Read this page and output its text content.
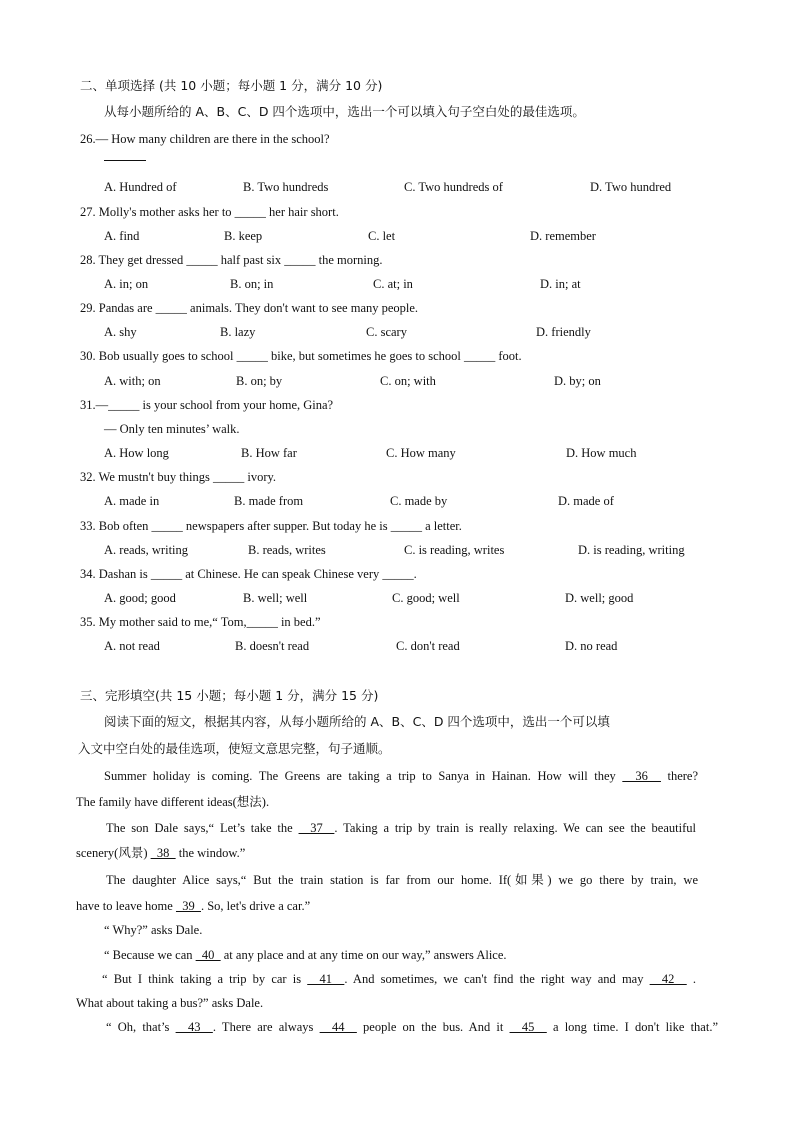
二、单项选择 (共 10 小题；每小题 1 分，满分 10 分)
从每小题所给的 A、B、C、D 四个选项中，选出一个可以填入句子空白处的最佳选项。
26.— How many children are there in the school?
A. Hundred of	B. Two hundreds	C. Two hundreds of	D. Two hundred
27. Molly's mother asks her to _____ her hair short.
A. find	B. keep	C. let	D. remember
28. They get dressed _____ half past six _____ the morning.
A. in; on	B. on; in	C. at; in	D. in; at
29. Pandas are _____ animals. They don't want to see many people.
A. shy	B. lazy	C. scary	D. friendly
30. Bob usually goes to school _____ bike, but sometimes he goes to school _____ foot.
A. with; on	B. on; by	C. on; with	D. by; on
31.—_____ is your school from your home, Gina?
— Only ten minutes’ walk.
A. How long	B. How far	C. How many	D. How much
32. We mustn't buy things _____ ivory.
A. made in	B. made from	C. made by	D. made of
33. Bob often _____ newspapers after supper. But today he is _____ a letter.
A. reads, writing	B. reads, writes	C. is reading, writes	D. is reading, writing
34. Dashan is _____ at Chinese. He can speak Chinese very _____.
A. good; good	B. well; well	C. good; well	D. well; good
35. My mother said to me,“ Tom,_____ in bed.”
A. not read	B. doesn't read	C. don't read	D. no read
三、完形填空(共 15 小题；每小题 1 分，满分 15 分)
阅读下面的短文，根据其内容，从每小题所给的 A、B、C、D 四个选项中，选出一个可以填
入文中空白处的最佳选项，使短文意思完整，句子通顺。
Summer holiday is coming. The Greens are taking a trip to Sanya in Hainan. How will they   36   there?
The family have different ideas(想法).
The son Dale says,“ Let’s take the   37  . Taking a trip by train is really relaxing. We can see the beautiful
scenery(风景)   38   the window.”
The daughter Alice says,“ But the train station is far from our home. If(如果) we go there by train, we
have to leave home   39  . So, let's drive a car.”
“ Why?” asks Dale.
“ Because we can   40   at any place and at any time on our way,” answers Alice.
“ But I think taking a trip by car is   41  . And sometimes, we can't find the right way and may   42   .
What about taking a bus?” asks Dale.
“ Oh, that’s   43  . There are always   44   people on the bus. And it   45   a long time. I don't like that.”
